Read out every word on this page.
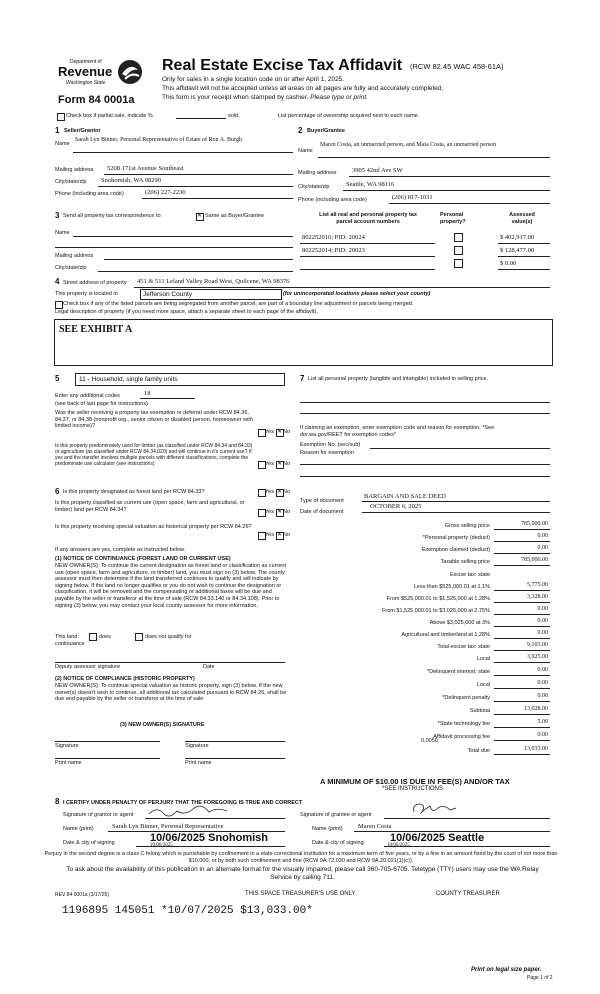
Department of
Revenue
Washington State
Form 84 0001a
Real Estate Excise Tax Affidavit (RCW 82.45 WAC 458-61A)
Only for sales in a single location code on or after April 1, 2025.
This affidavit will not be accepted unless all areas on all pages are fully and accurately completed.
This form is your receipt when stamped by cashier. Please type or print.
Check box if partial sale, indicate %	sold.	List percentage of ownership acquired next to each name.
1 Seller/Grantor
Name
Sarah Lyn Binner, Personal Representative of Estate of Ron A. Burgh
Mailing address 5208 171st Avenue Southeast
City/state/zip Snohomish, WA 98290
Phone (including area code)	(206) 227-2230
2 Buyer/Grantee
Name
Maren Costa, an unmarried person, and Maia Costa, an unmarried person
Mailing address 3905 42nd Ave SW
City/state/zip	Seattle, WA 98116
Phone (including area code)	(206) 817-1031
3 Send all property tax correspondence to: ✕	Same as Buyer/Grantee
Name
Mailing address
City/state/zip
List all real and personal property tax
parcel account numbers
Personal
property?
Assessed
value(s)
802252016; PID: 20024	$ 402,917.00
802252014; PID: 20023	$ 128,477.00
$ 0.00
4 Street address of property 451 & 511 Leland Valley Road West, Quilcene, WA 98376
This property is located in	Jefferson County	(for unincorporated locations please select your county)
Check box if any of the listed parcels are being segregated from another parcel, are part of a boundary line adjustment or parcels being merged.
Legal description of property (if you need more space, attach a separate sheet to each page of the affidavit).
SEE EXHIBIT A
5	11 - Household, single family units
Enter any additional codes	18
(see back of last page for instructions)
Was the seller receiving a property tax exemption or deferral under RCW 84.36, 84.37, or 84.38 (nonprofit org., senior citizen or disabled person, homeowner with limited income)?
Yes ✕ No
Is this property predominately used for timber (as classified under RCW 84.34 and 84.33) or agriculture (as classified under RCW 84.34.020) and will continue in it's current use? If yes and the transfer involves multiple parcels with different classifications, complete the predominate use calculator (see instructions)	Yes ✕ No
6 Is this property designated as forest land per RCW 84.33?	Yes ✕ No
Is this property classified as current use (open space, farm and agricultural, or timber) land per RCW 84.34?	Yes ✕ No
Is this property receiving special valuation as historical property per RCW 84.26?
Yes ✕ No
If any answers are yes, complete as instructed below.
(1) NOTICE OF CONTINUANCE (FOREST LAND OR CURRENT USE)
NEW OWNER(S): To continue the current designation as forest land or classification as current use (open space, farm and agriculture, or timber) land, you must sign on (3) below. The county assessor must then determine if the land transferred continues to qualify and will indicate by signing below. If the land no longer qualifies or you do not wish to continue the designation or classification, it will be removed and the compensating or additional taxes will be due and payable by the seller or transferor at the time of sale (RCW 84.33.140 or 84.34.108). Prior to signing (3) below, you may contact your local county assessor for more information.
This land:	does	does not qualify for
continuance
Deputy assessor signature	Date
(2) NOTICE OF COMPLIANCE (HISTORIC PROPERTY)
NEW OWNER(S): To continue special valuation as historic property, sign (3) below. If the new owner(s) doesn't wish to continue, all additional tax calculated pursuant to RCW 84.26, shall be due and payable by the seller or transferor at the time of sale
(3) NEW OWNER(S) SIGNATURE
Signature	Signature
Print name	Print name
7 List all personal property (tangible and intangible) included in selling price.
If claiming an exemption, enter exemption code and reason for exemption. *See dor.wa.gov/REET for exemption codes*
Exemption No. (sec/sub)
Reason for exemption
Type of document
BARGAIN AND SALE DEED
Date of document
OCTOBER 6, 2025
Gross selling price	785,000.00
*Personal property (deduct)	0.00
Exemption claimed (deduct)	0.00
Taxable selling price	785,000.00
Excise tax: state
Less than $525,000.01 at 1.1%	5,775.00
From $525,000.01 to $1,525,000 at 1.28%	3,328.00
From $1,525,000.01 to $3,025,000 at 2.75%	0.00
Above $3,025,000 at 3%	0.00
Agricultural and timberland at 1.28%	0.00
Total excise tax: state	9,103.00
Local	3,925.00
*Delinquent interest: state	0.00
Local	0.00
*Delinquent penalty	0.00
Subtotal	13,028.00
*State technology fee	5.00
Affidavit processing fee	0.00
Total due	13,033.00
0.0050
A MINIMUM OF $10.00 IS DUE IN FEE(S) AND/OR TAX
*SEE INSTRUCTIONS
8 I CERTIFY UNDER PENALTY OF PERJURY THAT THE FOREGOING IS TRUE AND CORRECT
Signature of grantor or agent	Signature of grantee or agent
Name (print)	Sarah Lyn Binner, Personal Representative	Name (print) Maren Costa
Date & city of signing	10/06/2025 Snohomish
10/06/2025	Date & city of signing 10/06/2025 Seattle
10/06/2025
Perjury in the second degree is a class C felony which is punishable by confinement in a state correctional institution for a maximum term of five years, or by a fine in an amount fixed by the court of not more than $10,000, or by both such confinement and fine (RCW 9A.72.030 and RCW 9A.20.021(1)(c)).
To ask about the availability of this publication in an alternate format for the visually impaired, please call 360-705-6705. Teletype (TTY) users may use the WA Relay Service by calling 711.
REV 84 0001a (3/17/25)	THIS SPACE TREASURER'S USE ONLY	COUNTY TREASURER
1196895 145051 *10/07/2025 $13,033.00*
Print on legal size paper.
Page 1 of 2
